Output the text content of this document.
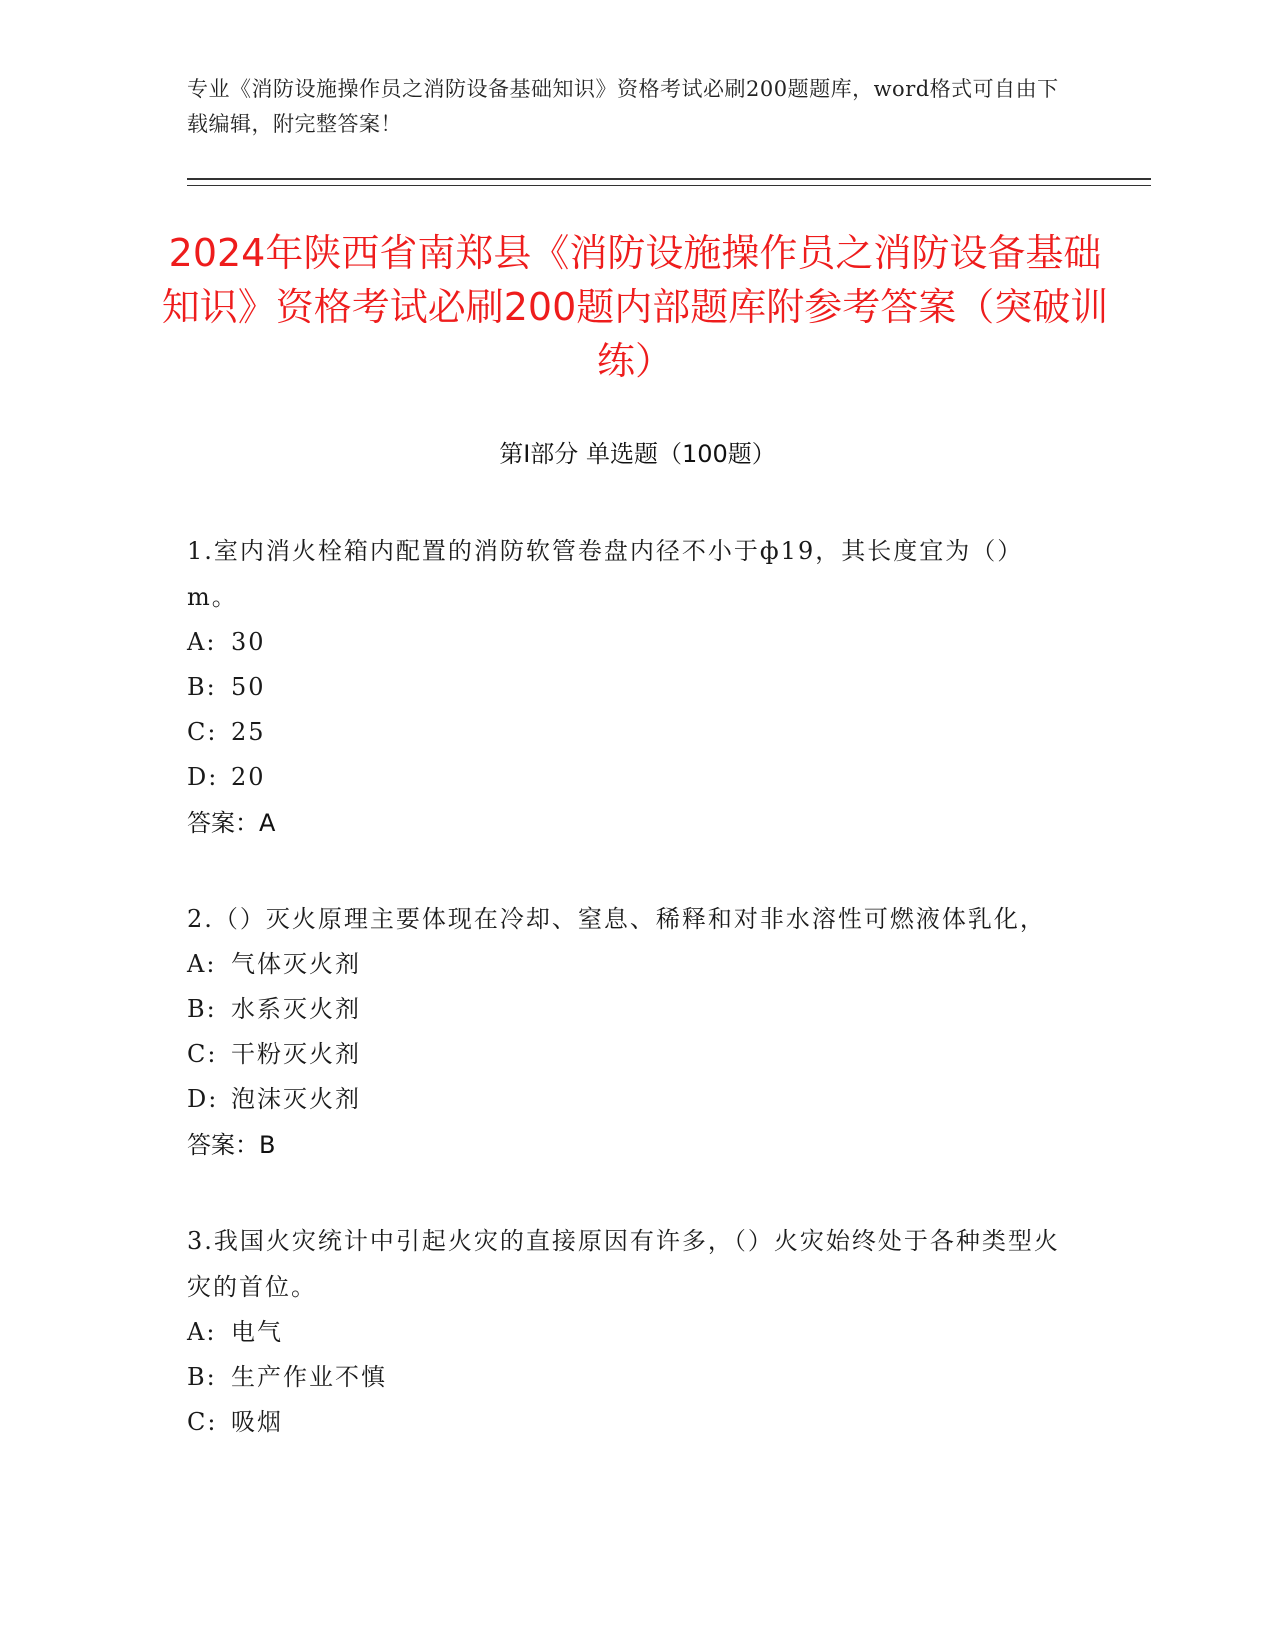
专业《消防设施操作员之消防设备基础知识》资格考试必刷200题题库，word格式可自由下载编辑，附完整答案！
2024年陕西省南郑县《消防设施操作员之消防设备基础知识》资格考试必刷200题内部题库附参考答案（突破训练）
第Ⅰ部分 单选题（100题）
1.室内消火栓箱内配置的消防软管卷盘内径不小于ф19，其长度宜为（）m。
A: 30
B: 50
C: 25
D: 20
答案：A
2.（）灭火原理主要体现在冷却、窒息、稀释和对非水溶性可燃液体乳化，
A: 气体灭火剂
B: 水系灭火剂
C: 干粉灭火剂
D: 泡沫灭火剂
答案：B
3.我国火灾统计中引起火灾的直接原因有许多，（）火灾始终处于各种类型火灾的首位。
A: 电气
B: 生产作业不慎
C: 吸烟
